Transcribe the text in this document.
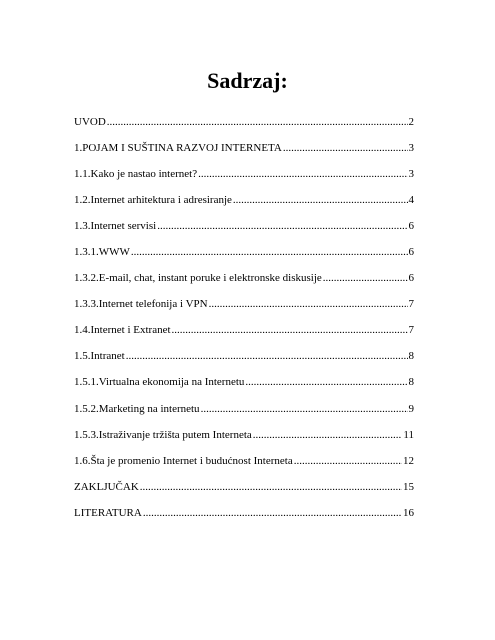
Sadrzaj:
UVOD .....	2
1.POJAM I SUŠTINA RAZVOJ INTERNETA .....	3
1.1.Kako je nastao internet? .....	3
1.2.Internet arhitektura i adresiranje .....	4
1.3.Internet servisi .....	6
1.3.1.WWW .....	6
1.3.2.E-mail, chat, instant poruke i elektronske diskusije .....	6
1.3.3.Internet telefonija i VPN .....	7
1.4.Internet i Extranet .....	7
1.5.Intranet .....	8
1.5.1.Virtualna ekonomija na Internetu .....	8
1.5.2.Marketing na internetu .....	9
1.5.3.Istraživanje tržišta putem Interneta .....	11
1.6.Šta je promenio Internet i budućnost Interneta .....	12
ZAKLJUČAK .....	15
LITERATURA .....	16
